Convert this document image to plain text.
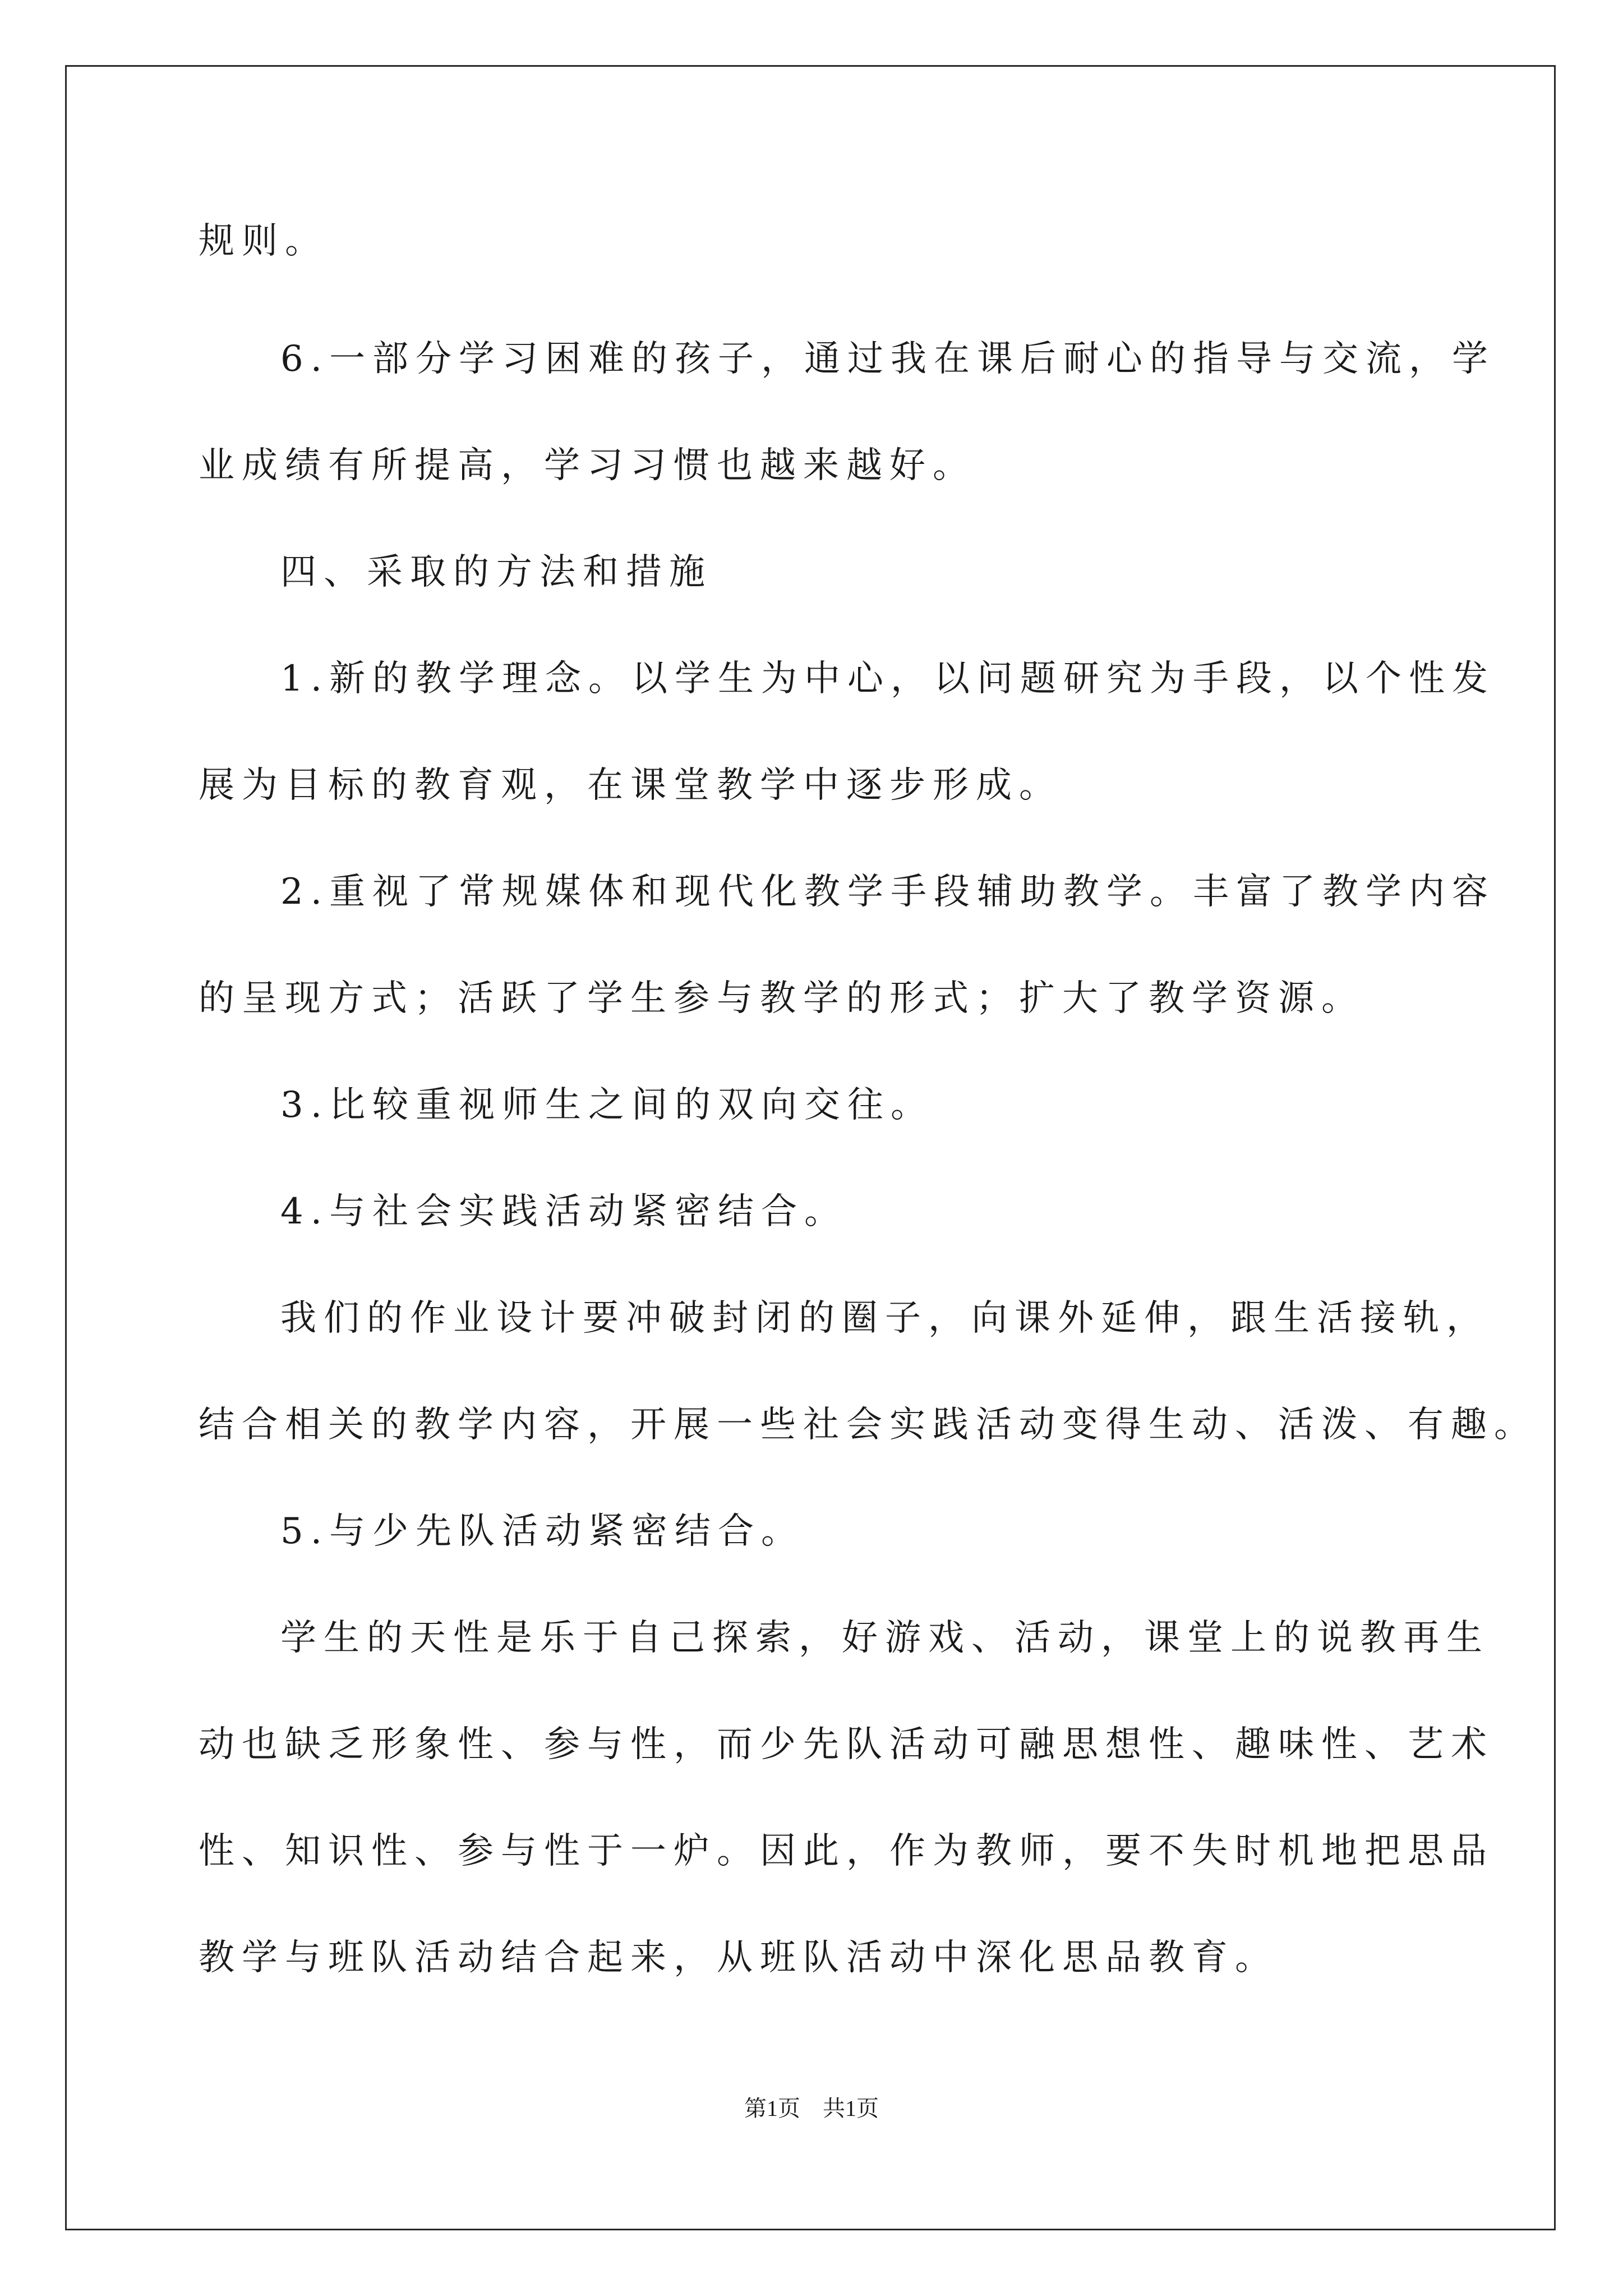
规则。
6.一部分学习困难的孩子，通过我在课后耐心的指导与交流，学
业成绩有所提高，学习习惯也越来越好。
四、采取的方法和措施
1.新的教学理念。以学生为中心，以问题研究为手段，以个性发
展为目标的教育观，在课堂教学中逐步形成。
2.重视了常规媒体和现代化教学手段辅助教学。丰富了教学内容
的呈现方式；活跃了学生参与教学的形式；扩大了教学资源。
3.比较重视师生之间的双向交往。
4.与社会实践活动紧密结合。
我们的作业设计要冲破封闭的圈子，向课外延伸，跟生活接轨，
结合相关的教学内容，开展一些社会实践活动变得生动、活泼、有趣。
5.与少先队活动紧密结合。
学生的天性是乐于自己探索，好游戏、活动，课堂上的说教再生
动也缺乏形象性、参与性，而少先队活动可融思想性、趣味性、艺术
性、知识性、参与性于一炉。因此，作为教师，要不失时机地把思品
教学与班队活动结合起来，从班队活动中深化思品教育。
第1页　共1页
